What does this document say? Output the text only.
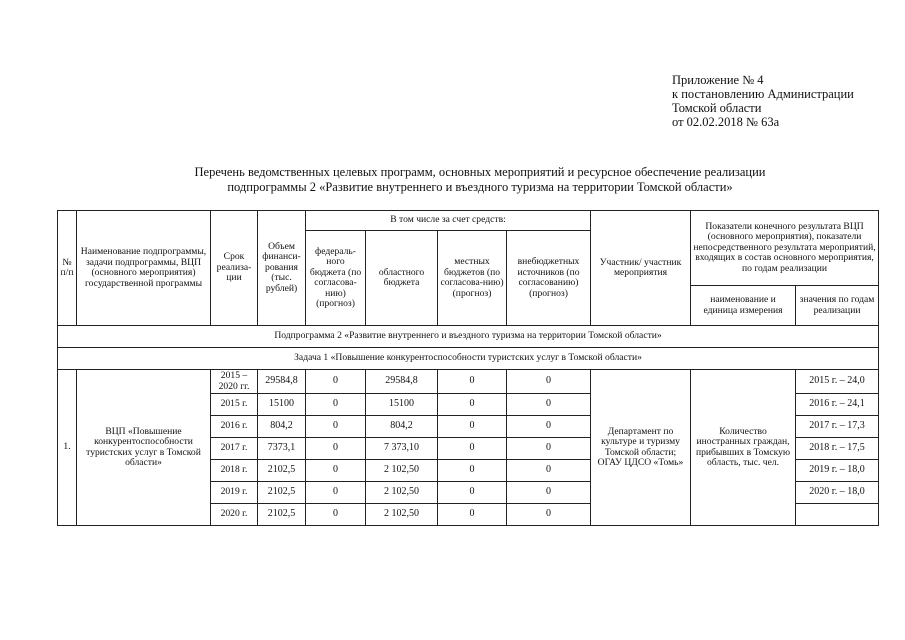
Приложение № 4
к постановлению Администрации
Томской области
от 02.02.2018 № 63а
Перечень ведомственных целевых программ, основных мероприятий и ресурсное обеспечение реализации
подпрограммы 2 «Развитие внутреннего и въездного туризма на территории Томской области»
№ п/п	Наименование подпрограммы, задачи подпрограммы, ВЦП (основного мероприятия) государственной программы	Срок реализа-ции	Объем финанси-рования (тыс. рублей)	В том числе за счет средств:				Участник/ участник мероприятия	Показатели конечного результата ВЦП (основного мероприятия), показатели непосредственного результата мероприятий, входящих в состав основного мероприятия, по годам реализации	
				федераль-ного бюджета (по согласова-нию) (прогноз)	областного бюджета	местных бюджетов (по согласова-нию) (прогноз)	внебюджетных источников (по согласованию) (прогноз)			
									наименование и единица измерения	значения по годам реализации
Подпрограмма 2 «Развитие внутреннего и въездного туризма на территории Томской области»										
Задача 1 «Повышение конкурентоспособности туристских услуг в Томской области»										
1.	ВЦП «Повышение конкурентоспособности туристских услуг в Томской области»	2015 – 2020 гг.	29584,8	0	29584,8	0	0	Департамент по культуре и туризму Томской области; ОГАУ ЦДСО «Томь»	Количество иностранных граждан, прибывших в Томскую область, тыс. чел.	2015 г. – 24,0
		2015 г.	15100	0	15100	0	0			2016 г. – 24,1
		2016 г.	804,2	0	804,2	0	0			2017 г. – 17,3
		2017 г.	7373,1	0	7 373,10	0	0			2018 г. – 17,5
		2018 г.	2102,5	0	2 102,50	0	0			2019 г. – 18,0
		2019 г.	2102,5	0	2 102,50	0	0			2020 г. – 18,0
		2020 г.	2102,5	0	2 102,50	0	0			
